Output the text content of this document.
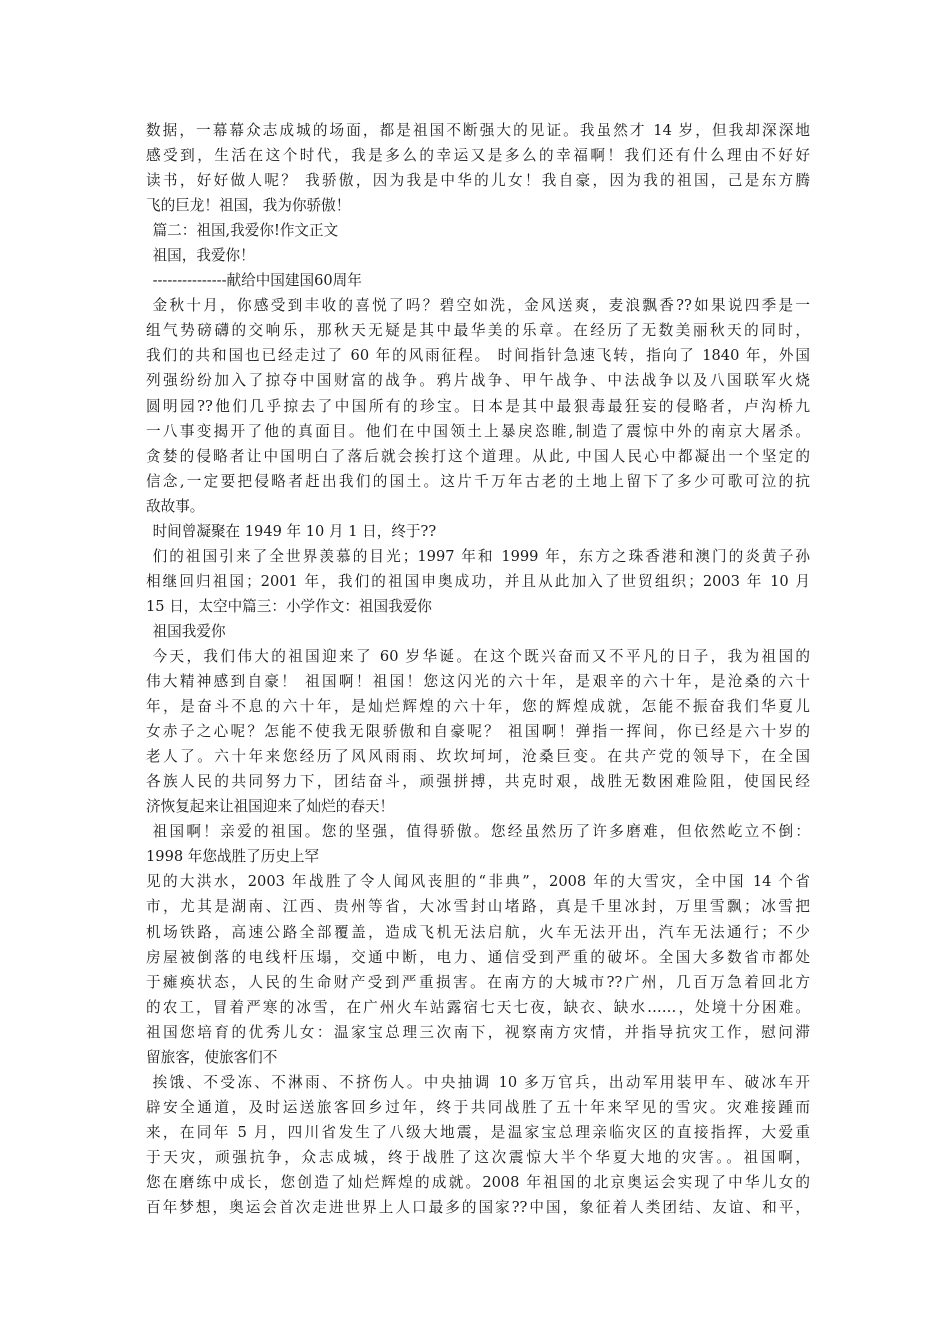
数据，一幕幕众志成城的场面，都是祖国不断强大的见证。我虽然才 14 岁，但我却深深地
感受到，生活在这个时代，我是多么的幸运又是多么的幸福啊！我们还有什么理由不好好
读书，好好做人呢？ 我骄傲，因为我是中华的儿女！我自豪，因为我的祖国，己是东方腾
飞的巨龙！祖国，我为你骄傲！
篇二：祖国,我爱你!作文正文
祖国，我爱你！
---------------献给中国建国60周年
金秋十月，你感受到丰收的喜悦了吗？碧空如洗，金风送爽，麦浪飘香??如果说四季是一
组气势磅礴的交响乐，那秋天无疑是其中最华美的乐章。在经历了无数美丽秋天的同时，
我们的共和国也已经走过了 60 年的风雨征程。 时间指针急速飞转，指向了 1840 年，外国
列强纷纷加入了掠夺中国财富的战争。鸦片战争、甲午战争、中法战争以及八国联军火烧
圆明园??他们几乎掠去了中国所有的珍宝。日本是其中最狠毒最狂妄的侵略者，卢沟桥九
一八事变揭开了他的真面目。他们在中国领土上暴戾恣睢,制造了震惊中外的南京大屠杀。
贪婪的侵略者让中国明白了落后就会挨打这个道理。从此, 中国人民心中都凝出一个坚定的
信念,一定要把侵略者赶出我们的国土。这片千万年古老的土地上留下了多少可歌可泣的抗
敌故事。
时间曾凝聚在 1949 年 10 月 1 日，终于??
们的祖国引来了全世界羡慕的目光；1997 年和 1999 年，东方之珠香港和澳门的炎黄子孙
相继回归祖国；2001 年，我们的祖国申奥成功，并且从此加入了世贸组织；2003 年 10 月
15 日，太空中篇三：小学作文：祖国我爱你
祖国我爱你
今天，我们伟大的祖国迎来了 60 岁华诞。在这个既兴奋而又不平凡的日子，我为祖国的
伟大精神感到自豪！ 祖国啊！祖国！您这闪光的六十年，是艰辛的六十年，是沧桑的六十
年，是奋斗不息的六十年，是灿烂辉煌的六十年，您的辉煌成就，怎能不振奋我们华夏儿
女赤子之心呢？怎能不使我无限骄傲和自豪呢？ 祖国啊！弹指一挥间，你已经是六十岁的
老人了。六十年来您经历了风风雨雨、坎坎坷坷，沧桑巨变。在共产党的领导下，在全国
各族人民的共同努力下，团结奋斗，顽强拼搏，共克时艰，战胜无数困难险阻，使国民经
济恢复起来让祖国迎来了灿烂的春天！
祖国啊！亲爱的祖国。您的坚强，值得骄傲。您经虽然历了许多磨难，但依然屹立不倒：
1998 年您战胜了历史上罕
见的大洪水，2003 年战胜了令人闻风丧胆的“非典”，2008 年的大雪灾，全中国 14 个省
市，尤其是湖南、江西、贵州等省，大冰雪封山堵路，真是千里冰封，万里雪飘；冰雪把
机场铁路，高速公路全部覆盖，造成飞机无法启航，火车无法开出，汽车无法通行；不少
房屋被倒落的电线杆压塌，交通中断，电力、通信受到严重的破坏。全国大多数省市都处
于瘫痪状态，人民的生命财产受到严重损害。在南方的大城市??广州，几百万急着回北方
的农工，冒着严寒的冰雪，在广州火车站露宿七天七夜，缺衣、缺水……，处境十分困难。
祖国您培育的优秀儿女：温家宝总理三次南下，视察南方灾情，并指导抗灾工作，慰问滞
留旅客，使旅客们不
挨饿、不受冻、不淋雨、不挤伤人。中央抽调 10 多万官兵，出动军用装甲车、破冰车开
辟安全通道，及时运送旅客回乡过年，终于共同战胜了五十年来罕见的雪灾。灾难接踵而
来，在同年 5 月，四川省发生了八级大地震，是温家宝总理亲临灾区的直接指挥，大爱重
于天灾，顽强抗争，众志成城，终于战胜了这次震惊大半个华夏大地的灾害。。祖国啊，
您在磨练中成长，您创造了灿烂辉煌的成就。2008 年祖国的北京奥运会实现了中华儿女的
百年梦想，奥运会首次走进世界上人口最多的国家??中国，象征着人类团结、友谊、和平，
